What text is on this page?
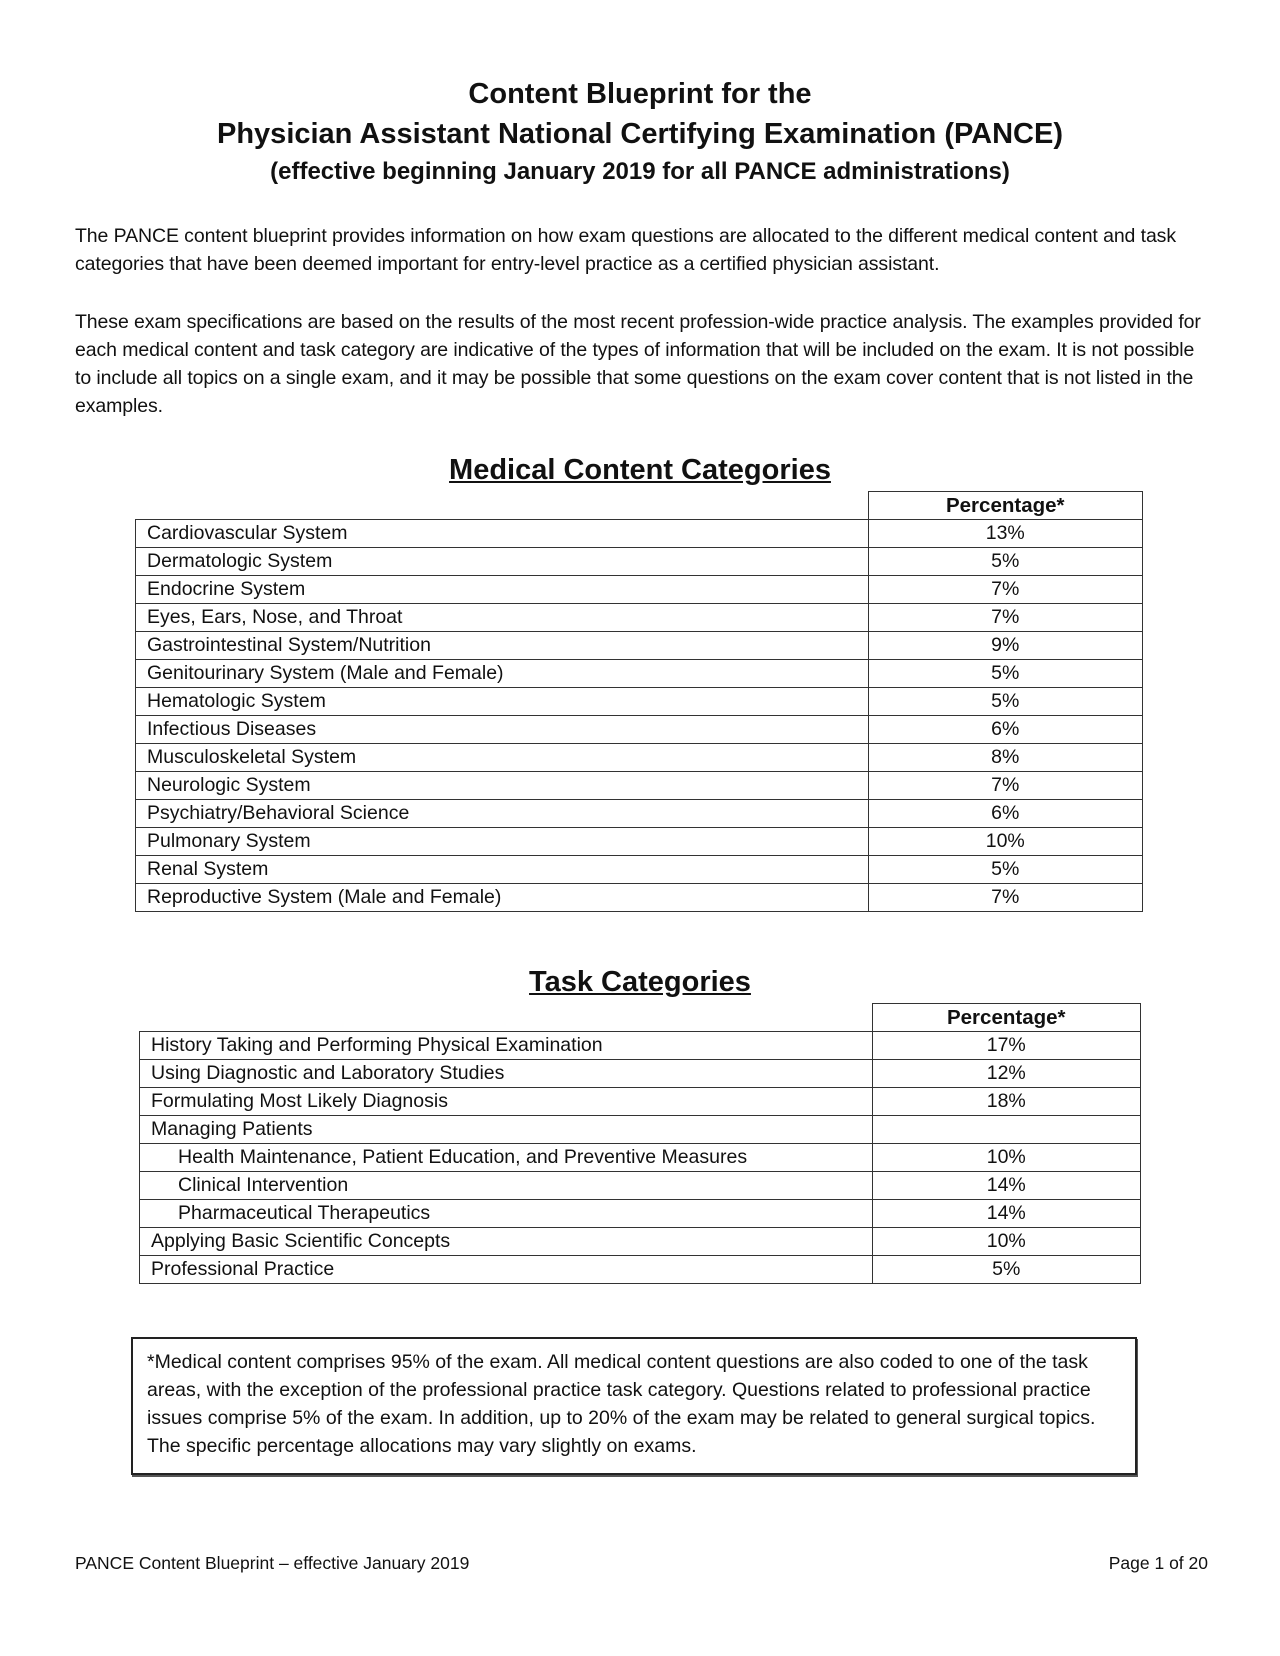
Content Blueprint for the
Physician Assistant National Certifying Examination (PANCE)
(effective beginning January 2019 for all PANCE administrations)

The PANCE content blueprint provides information on how exam questions are allocated to the different medical content and task categories that have been deemed important for entry-level practice as a certified physician assistant.

These exam specifications are based on the results of the most recent profession-wide practice analysis. The examples provided for each medical content and task category are indicative of the types of information that will be included on the exam. It is not possible to include all topics on a single exam, and it may be possible that some questions on the exam cover content that is not listed in the examples.

Medical Content Categories
	Percentage*
Cardiovascular System	13%
Dermatologic System	5%
Endocrine System	7%
Eyes, Ears, Nose, and Throat	7%
Gastrointestinal System/Nutrition	9%
Genitourinary System (Male and Female)	5%
Hematologic System	5%
Infectious Diseases	6%
Musculoskeletal System	8%
Neurologic System	7%
Psychiatry/Behavioral Science	6%
Pulmonary System	10%
Renal System	5%
Reproductive System (Male and Female)	7%
Task Categories
	Percentage*
History Taking and Performing Physical Examination	17%
Using Diagnostic and Laboratory Studies	12%
Formulating Most Likely Diagnosis	18%
Managing Patients	
Health Maintenance, Patient Education, and Preventive Measures	10%
Clinical Intervention	14%
Pharmaceutical Therapeutics	14%
Applying Basic Scientific Concepts	10%
Professional Practice	5%
*Medical content comprises 95% of the exam. All medical content questions are also coded to one of the task areas, with the exception of the professional practice task category. Questions related to professional practice issues comprise 5% of the exam. In addition, up to 20% of the exam may be related to general surgical topics. The specific percentage allocations may vary slightly on exams.
PANCE Content Blueprint – effective January 2019	Page 1 of 20
